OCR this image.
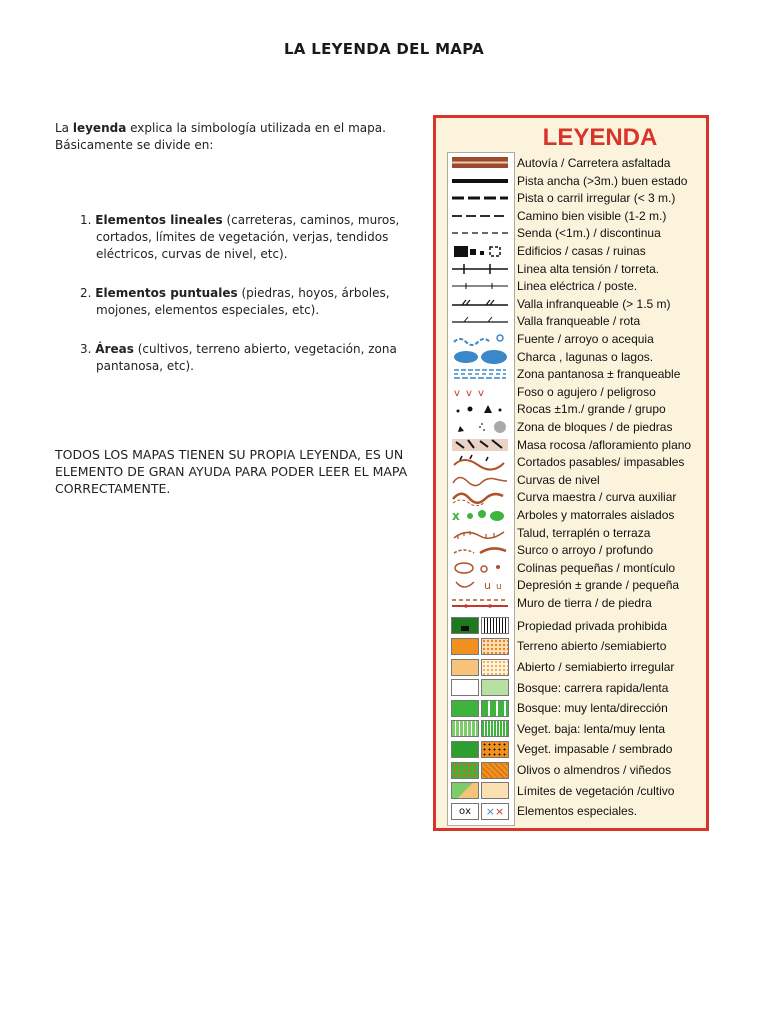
LA LEYENDA DEL MAPA
La leyenda explica la simbología utilizada en el mapa. Básicamente se divide en:
1. Elementos lineales (carreteras, caminos, muros, cortados, límites de vegetación, verjas, tendidos eléctricos, curvas de nivel, etc).
2. Elementos puntuales (piedras, hoyos, árboles, mojones, elementos especiales, etc).
3. Áreas (cultivos, terreno abierto, vegetación, zona pantanosa, etc).
TODOS LOS MAPAS TIENEN SU PROPIA LEYENDA, ES UN ELEMENTO DE GRAN AYUDA PARA PODER LEER EL MAPA CORRECTAMENTE.
LEYENDA
Autovía / Carretera asfaltada
Pista ancha (>3m.) buen estado
Pista o carril irregular (< 3 m.)
Camino bien visible (1-2 m.)
Senda (<1m.) / discontinua
Edificios / casas / ruinas
Linea alta tensión / torreta.
Linea eléctrica / poste.
Valla infranqueable (> 1.5 m)
Valla franqueable / rota
Fuente / arroyo o acequia
Charca , lagunas o lagos.
Zona pantanosa ± franqueable
v v v	Foso o agujero / peligroso
Rocas ±1m./ grande / grupo
Zona de bloques / de piedras
Masa rocosa /afloramiento plano
Cortados pasables/ impasables
Curvas de nivel
Curva maestra / curva auxiliar
x	Arboles y matorrales aislados
Talud, terraplén o terraza
Surco o arroyo / profundo
Colinas pequeñas / montículo
u u Depresión ± grande / pequeña
Muro de tierra / de piedra
Propiedad privada prohibida
Terreno abierto /semiabierto
Abierto / semiabierto irregular
Bosque: carrera rapida/lenta
Bosque: muy lenta/dirección
Veget. baja: lenta/muy lenta
Veget. impasable / sembrado
Olivos o almendros / viñedos
Límites de vegetación /cultivo
o x × × Elementos especiales.
